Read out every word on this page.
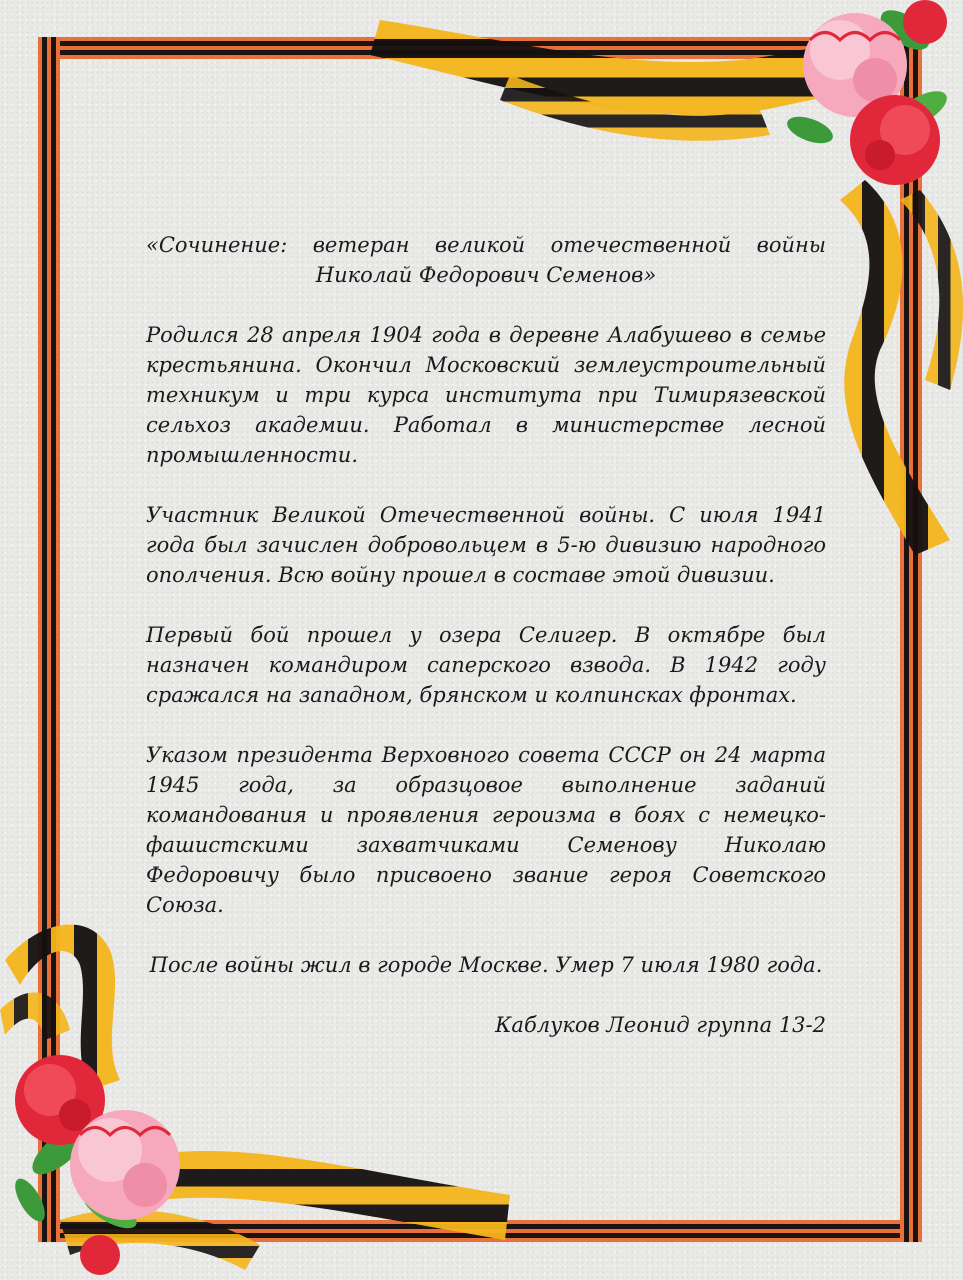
«Сочинение: ветеран великой отечественной войны
Николай Федорович Семенов»

Родился 28 апреля 1904 года в деревне Алабушево в семье крестьянина. Окончил Московский землеустроительный техникум и три курса института при Тимирязевской сельхоз академии. Работал в министерстве лесной промышленности.

Участник Великой Отечественной войны. С июля 1941 года был зачислен добровольцем в 5-ю дивизию народного ополчения. Всю войну прошел в составе этой дивизии.

Первый бой прошел у озера Селигер. В октябре был назначен командиром саперского взвода. В 1942 году сражался на западном, брянском и колпинсках фронтах.

Указом президента Верховного совета СССР он 24 марта 1945 года, за образцовое выполнение заданий командования и проявления героизма в боях с немецко-фашистскими захватчиками Семенову Николаю Федоровичу было присвоено звание героя Советского Союза.

После войны жил в городе Москве. Умер 7 июля 1980 года.

Каблуков Леонид группа 13-2
